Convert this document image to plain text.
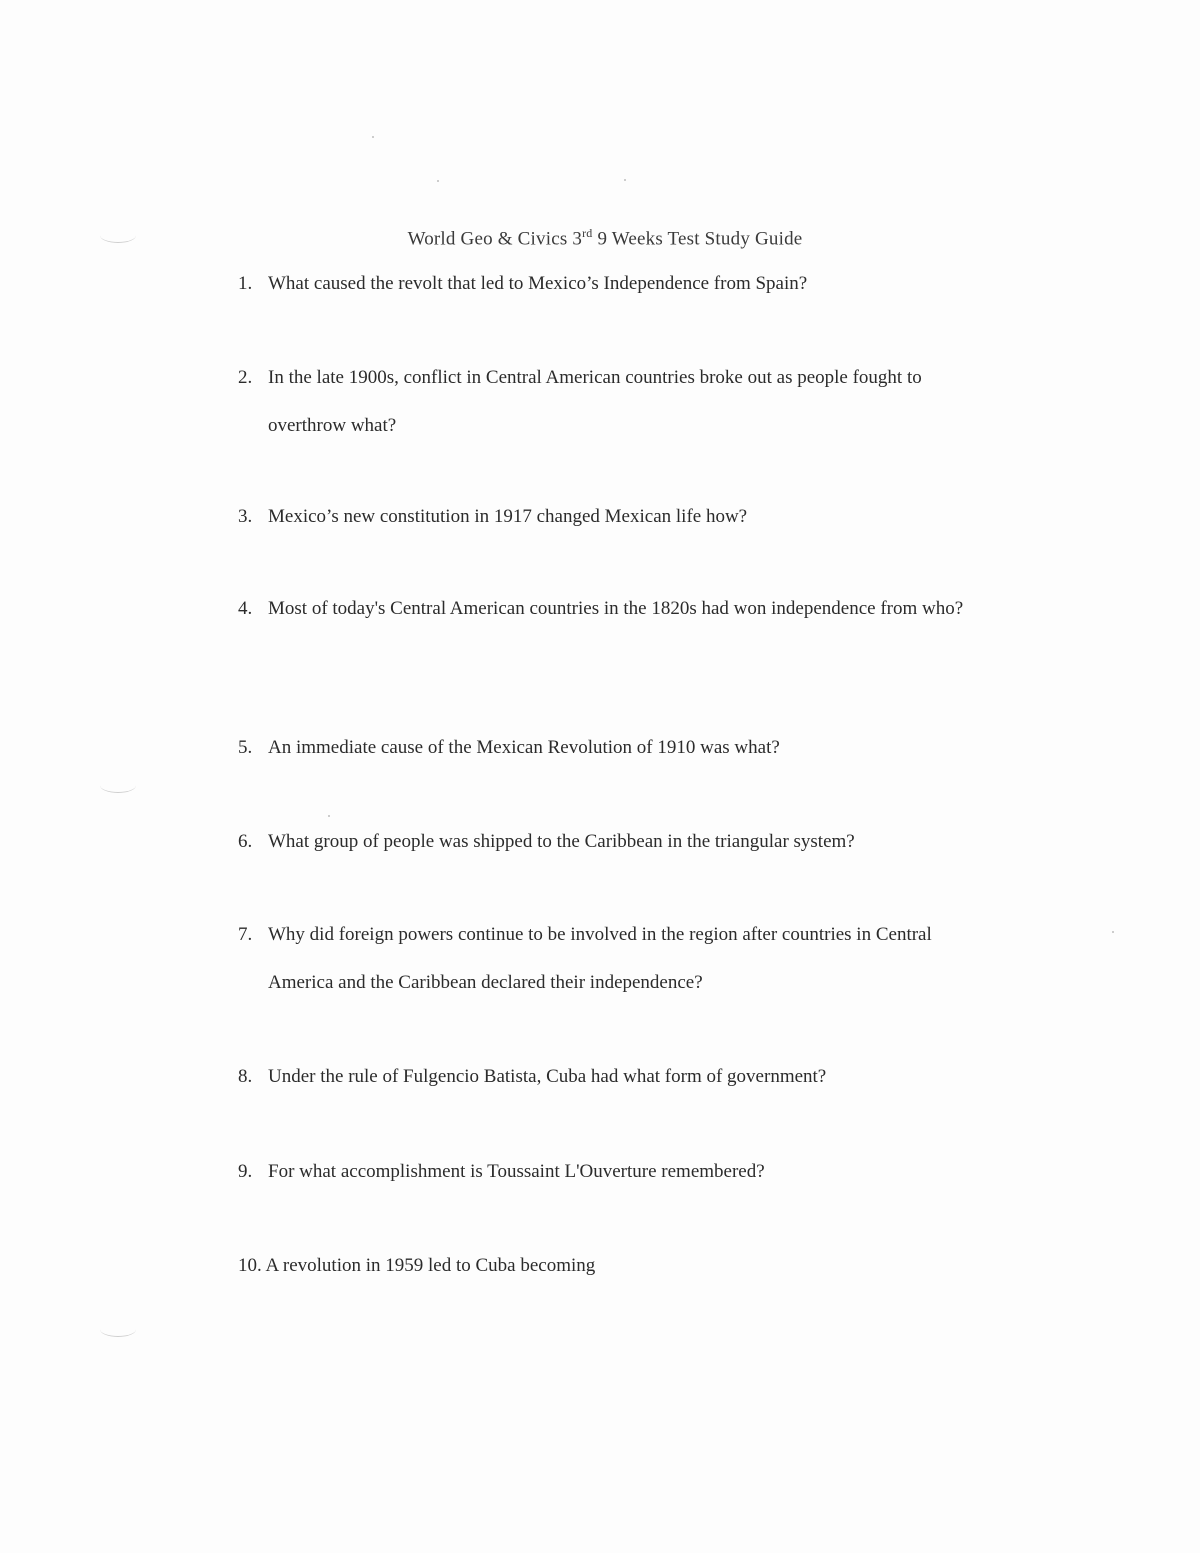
World Geo & Civics 3rd 9 Weeks Test Study Guide
1. What caused the revolt that led to Mexico’s Independence from Spain?
2. In the late 1900s, conflict in Central American countries broke out as people fought to overthrow what?
3. Mexico’s new constitution in 1917 changed Mexican life how?
4. Most of today's Central American countries in the 1820s had won independence from who?
5. An immediate cause of the Mexican Revolution of 1910 was what?
6. What group of people was shipped to the Caribbean in the triangular system?
7. Why did foreign powers continue to be involved in the region after countries in Central America and the Caribbean declared their independence?
8. Under the rule of Fulgencio Batista, Cuba had what form of government?
9. For what accomplishment is Toussaint L'Ouverture remembered?
10. A revolution in 1959 led to Cuba becoming
